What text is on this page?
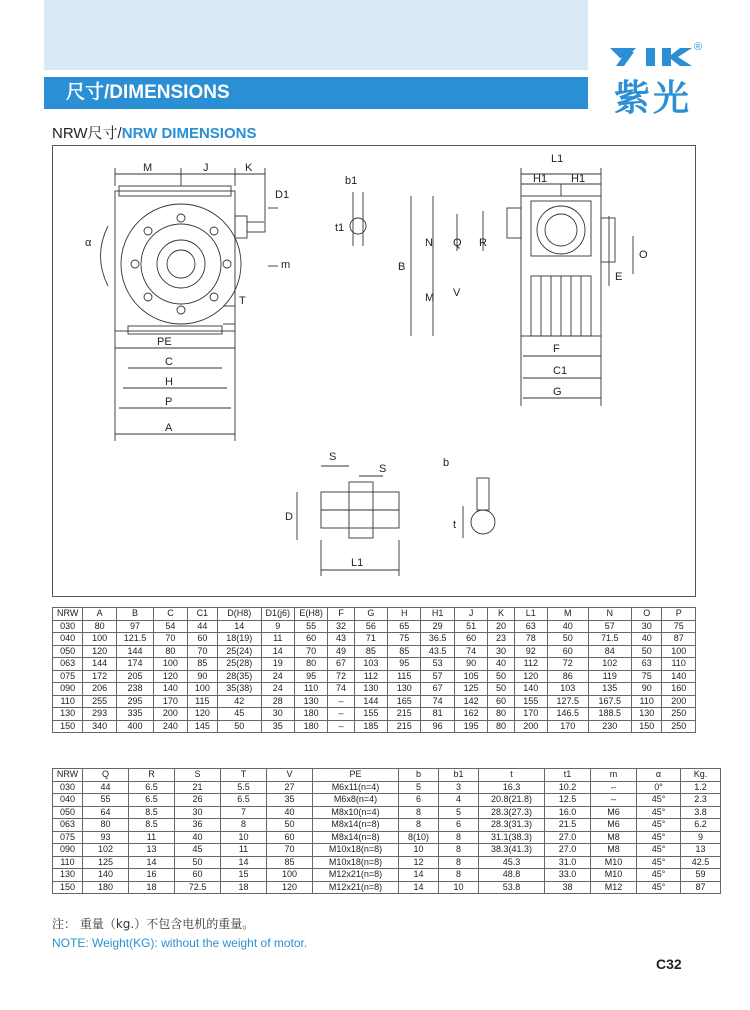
尺寸/DIMENSIONS
®
紫光
NRW尺寸/NRW DIMENSIONS
M	J	K
D1
b1
t1
m
α
T
PE
C
H
P
A
B
N
M
Q R
V
L1
H1 H1
O
E
F
C1
G
S
S	b
D
t
L1
NRW	A	B	C	C1	D(H8)	D1(j6)	E(H8)	F	G	H	H1	J	K	L1	M	N	O	P
030	80	97	54	44	14	9	55	32	56	65	29	51	20	63	40	57	30	75
040	100	121.5	70	60	18(19)	11	60	43	71	75	36.5	60	23	78	50	71.5	40	87
050	120	144	80	70	25(24)	14	70	49	85	85	43.5	74	30	92	60	84	50	100
063	144	174	100	85	25(28)	19	80	67	103	95	53	90	40	112	72	102	63	110
075	172	205	120	90	28(35)	24	95	72	112	115	57	105	50	120	86	119	75	140
090	206	238	140	100	35(38)	24	110	74	130	130	67	125	50	140	103	135	90	160
110	255	295	170	115	42	28	130	–	144	165	74	142	60	155	127.5	167.5	110	200
130	293	335	200	120	45	30	180	–	155	215	81	162	80	170	146.5	188.5	130	250
150	340	400	240	145	50	35	180	–	185	215	96	195	80	200	170	230	150	250
NRW	Q	R	S	T	V	PE	b	b1	t	t1	m	α	Kg.
030	44	6.5	21	5.5	27	M6x11(n=4)	5	3	16.3	10.2	–	0°	1.2
040	55	6.5	26	6.5	35	M6x8(n=4)	6	4	20.8(21.8)	12.5	–	45°	2.3
050	64	8.5	30	7	40	M8x10(n=4)	8	5	28.3(27.3)	16.0	M6	45°	3.8
063	80	8.5	36	8	50	M8x14(n=8)	8	6	28.3(31.3)	21.5	M6	45°	6.2
075	93	11	40	10	60	M8x14(n=8)	8(10)	8	31.1(38.3)	27.0	M8	45°	9
090	102	13	45	11	70	M10x18(n=8)	10	8	38.3(41.3)	27.0	M8	45°	13
110	125	14	50	14	85	M10x18(n=8)	12	8	45.3	31.0	M10	45°	42.5
130	140	16	60	15	100	M12x21(n=8)	14	8	48.8	33.0	M10	45°	59
150	180	18	72.5	18	120	M12x21(n=8)	14	10	53.8	38	M12	45°	87
注： 重量（kg.）不包含电机的重量。
NOTE: Weight(KG): without the weight of motor.
C32
